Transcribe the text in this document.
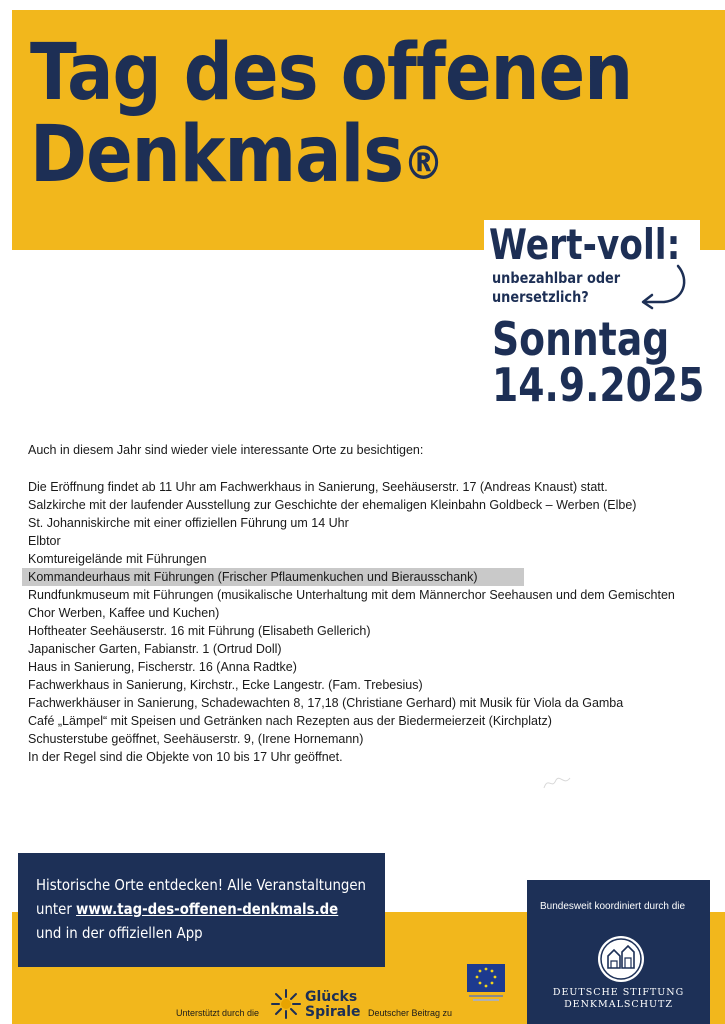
Tag des offenen
Denkmals®
Wert-voll:
unbezahlbar oder
unersetzlich?
Sonntag
14.9.2025

Auch in diesem Jahr sind wieder viele interessante Orte zu besichtigen:

Die Eröffnung findet ab 11 Uhr am Fachwerkhaus in Sanierung, Seehäuserstr. 17 (Andreas Knaust) statt.
Salzkirche mit der laufender Ausstellung zur Geschichte der ehemaligen Kleinbahn Goldbeck – Werben (Elbe)
St. Johanniskirche mit einer offiziellen Führung um 14 Uhr
Elbtor
Komtureigelände mit Führungen
Kommandeurhaus mit Führungen (Frischer Pflaumenkuchen und Bierausschank)
Rundfunkmuseum mit Führungen (musikalische Unterhaltung mit dem Männerchor Seehausen und dem Gemischten Chor Werben, Kaffee und Kuchen)
Hoftheater Seehäuserstr. 16 mit Führung (Elisabeth Gellerich)
Japanischer Garten, Fabianstr. 1 (Ortrud Doll)
Haus in Sanierung, Fischerstr. 16 (Anna Radtke)
Fachwerkhaus in Sanierung, Kirchstr., Ecke Langestr. (Fam. Trebesius)
Fachwerkhäuser in Sanierung, Schadewachten 8, 17,18 (Christiane Gerhard) mit Musik für Viola da Gamba
Café „Lämpel“ mit Speisen und Getränken nach Rezepten aus der Biedermeierzeit (Kirchplatz)
Schusterstube geöffnet, Seehäuserstr. 9, (Irene Hornemann)
In der Regel sind die Objekte von 10 bis 17 Uhr geöffnet.
Historische Orte entdecken! Alle Veranstaltungen
unter www.tag-des-offenen-denkmals.de
und in der offiziellen App
Bundesweit koordiniert durch die
DEUTSCHE STIFTUNG
DENKMALSCHUTZ
Unterstützt durch die
Glücks
Spirale Deutscher Beitrag zu
